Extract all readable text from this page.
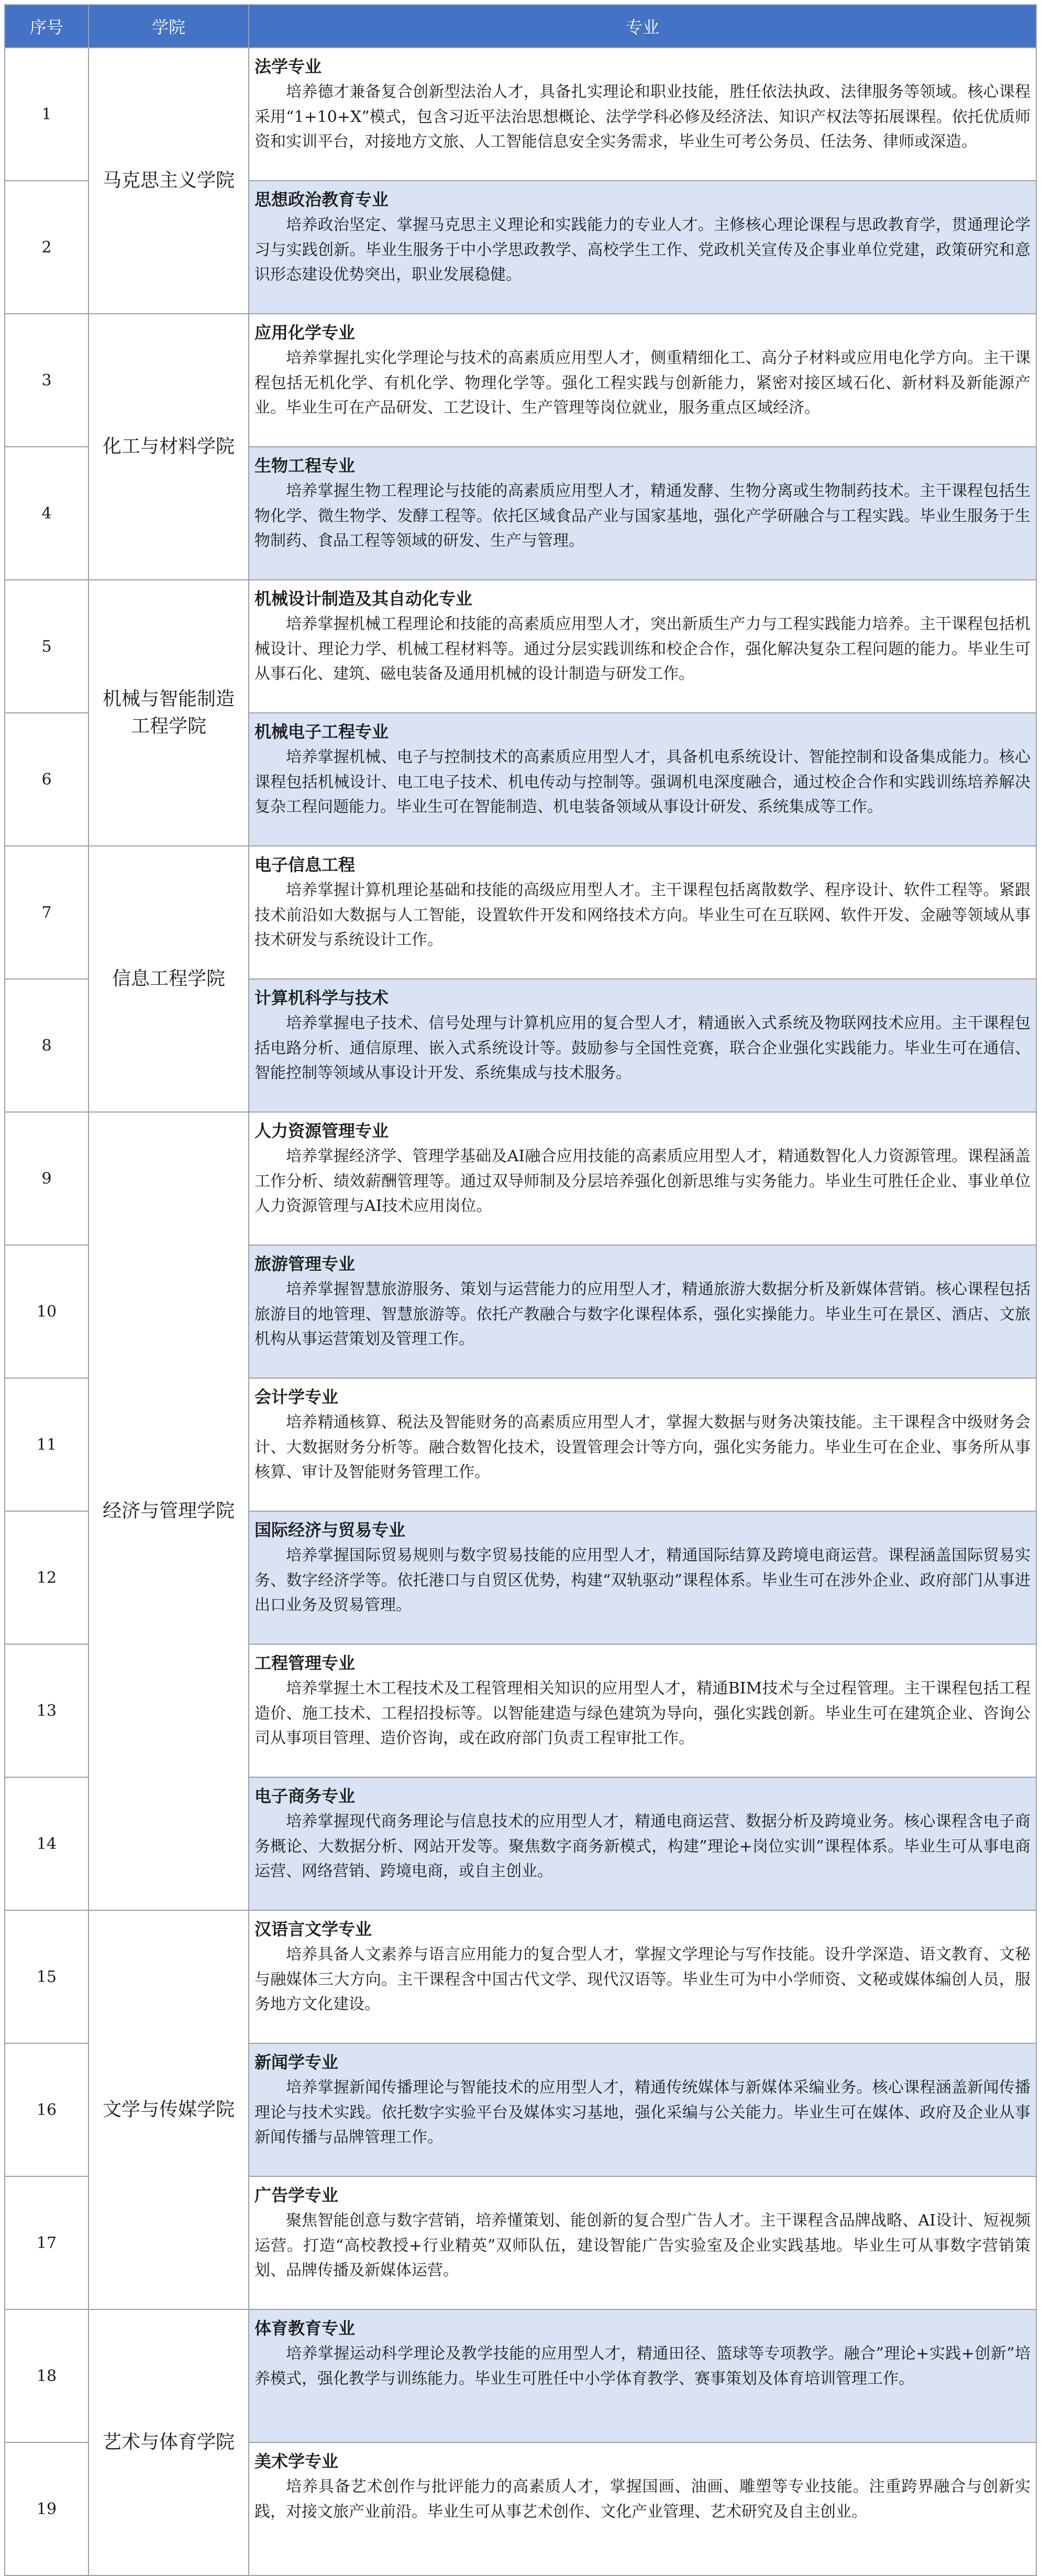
序号	学院	专业
1	马克思主义学院	法学专业
培养德才兼备复合创新型法治人才，具备扎实理论和职业技能，胜任依法执政、法律服务等领域。核心课程采用“1+10+X”模式，包含习近平法治思想概论、法学学科必修及经济法、知识产权法等拓展课程。依托优质师资和实训平台，对接地方文旅、人工智能信息安全实务需求，毕业生可考公务员、任法务、律师或深造。

2		思想政治教育专业
培养政治坚定、掌握马克思主义理论和实践能力的专业人才。主修核心理论课程与思政教育学，贯通理论学习与实践创新。毕业生服务于中小学思政教学、高校学生工作、党政机关宣传及企事业单位党建，政策研究和意识形态建设优势突出，职业发展稳健。

3	化工与材料学院	应用化学专业
培养掌握扎实化学理论与技术的高素质应用型人才，侧重精细化工、高分子材料或应用电化学方向。主干课程包括无机化学、有机化学、物理化学等。强化工程实践与创新能力，紧密对接区域石化、新材料及新能源产业。毕业生可在产品研发、工艺设计、生产管理等岗位就业，服务重点区域经济。

4		生物工程专业
培养掌握生物工程理论与技能的高素质应用型人才，精通发酵、生物分离或生物制药技术。主干课程包括生物化学、微生物学、发酵工程等。依托区域食品产业与国家基地，强化产学研融合与工程实践。毕业生服务于生物制药、食品工程等领域的研发、生产与管理。

5	机械与智能制造工程学院	机械设计制造及其自动化专业
培养掌握机械工程理论和技能的高素质应用型人才，突出新质生产力与工程实践能力培养。主干课程包括机械设计、理论力学、机械工程材料等。通过分层实践训练和校企合作，强化解决复杂工程问题的能力。毕业生可从事石化、建筑、磁电装备及通用机械的设计制造与研发工作。

6		机械电子工程专业
培养掌握机械、电子与控制技术的高素质应用型人才，具备机电系统设计、智能控制和设备集成能力。核心课程包括机械设计、电工电子技术、机电传动与控制等。强调机电深度融合，通过校企合作和实践训练培养解决复杂工程问题能力。毕业生可在智能制造、机电装备领域从事设计研发、系统集成等工作。

7	信息工程学院	电子信息工程
培养掌握计算机理论基础和技能的高级应用型人才。主干课程包括离散数学、程序设计、软件工程等。紧跟技术前沿如大数据与人工智能，设置软件开发和网络技术方向。毕业生可在互联网、软件开发、金融等领域从事技术研发与系统设计工作。

8		计算机科学与技术
培养掌握电子技术、信号处理与计算机应用的复合型人才，精通嵌入式系统及物联网技术应用。主干课程包括电路分析、通信原理、嵌入式系统设计等。鼓励参与全国性竞赛，联合企业强化实践能力。毕业生可在通信、智能控制等领域从事设计开发、系统集成与技术服务。

9	经济与管理学院	人力资源管理专业
培养掌握经济学、管理学基础及AI融合应用技能的高素质应用型人才，精通数智化人力资源管理。课程涵盖工作分析、绩效薪酬管理等。通过双导师制及分层培养强化创新思维与实务能力。毕业生可胜任企业、事业单位人力资源管理与AI技术应用岗位。

10		旅游管理专业
培养掌握智慧旅游服务、策划与运营能力的应用型人才，精通旅游大数据分析及新媒体营销。核心课程包括旅游目的地管理、智慧旅游等。依托产教融合与数字化课程体系，强化实操能力。毕业生可在景区、酒店、文旅机构从事运营策划及管理工作。

11		会计学专业
培养精通核算、税法及智能财务的高素质应用型人才，掌握大数据与财务决策技能。主干课程含中级财务会计、大数据财务分析等。融合数智化技术，设置管理会计等方向，强化实务能力。毕业生可在企业、事务所从事核算、审计及智能财务管理工作。

12		国际经济与贸易专业
培养掌握国际贸易规则与数字贸易技能的应用型人才，精通国际结算及跨境电商运营。课程涵盖国际贸易实务、数字经济学等。依托港口与自贸区优势，构建“双轨驱动”课程体系。毕业生可在涉外企业、政府部门从事进出口业务及贸易管理。

13		工程管理专业
培养掌握土木工程技术及工程管理相关知识的应用型人才，精通BIM技术与全过程管理。主干课程包括工程造价、施工技术、工程招投标等。以智能建造与绿色建筑为导向，强化实践创新。毕业生可在建筑企业、咨询公司从事项目管理、造价咨询，或在政府部门负责工程审批工作。

14		电子商务专业
培养掌握现代商务理论与信息技术的应用型人才，精通电商运营、数据分析及跨境业务。核心课程含电子商务概论、大数据分析、网站开发等。聚焦数字商务新模式，构建”理论+岗位实训”课程体系。毕业生可从事电商运营、网络营销、跨境电商，或自主创业。

15	文学与传媒学院	汉语言文学专业
培养具备人文素养与语言应用能力的复合型人才，掌握文学理论与写作技能。设升学深造、语文教育、文秘与融媒体三大方向。主干课程含中国古代文学、现代汉语等。毕业生可为中小学师资、文秘或媒体编创人员，服务地方文化建设。

16		新闻学专业
培养掌握新闻传播理论与智能技术的应用型人才，精通传统媒体与新媒体采编业务。核心课程涵盖新闻传播理论与技术实践。依托数字实验平台及媒体实习基地，强化采编与公关能力。毕业生可在媒体、政府及企业从事新闻传播与品牌管理工作。

17		广告学专业
聚焦智能创意与数字营销，培养懂策划、能创新的复合型广告人才。主干课程含品牌战略、AI设计、短视频运营。打造“高校教授+行业精英”双师队伍，建设智能广告实验室及企业实践基地。毕业生可从事数字营销策划、品牌传播及新媒体运营。

18	艺术与体育学院	体育教育专业
培养掌握运动科学理论及教学技能的应用型人才，精通田径、篮球等专项教学。融合”理论+实践+创新”培养模式，强化教学与训练能力。毕业生可胜任中小学体育教学、赛事策划及体育培训管理工作。

19		美术学专业
培养具备艺术创作与批评能力的高素质人才，掌握国画、油画、雕塑等专业技能。注重跨界融合与创新实践，对接文旅产业前沿。毕业生可从事艺术创作、文化产业管理、艺术研究及自主创业。
